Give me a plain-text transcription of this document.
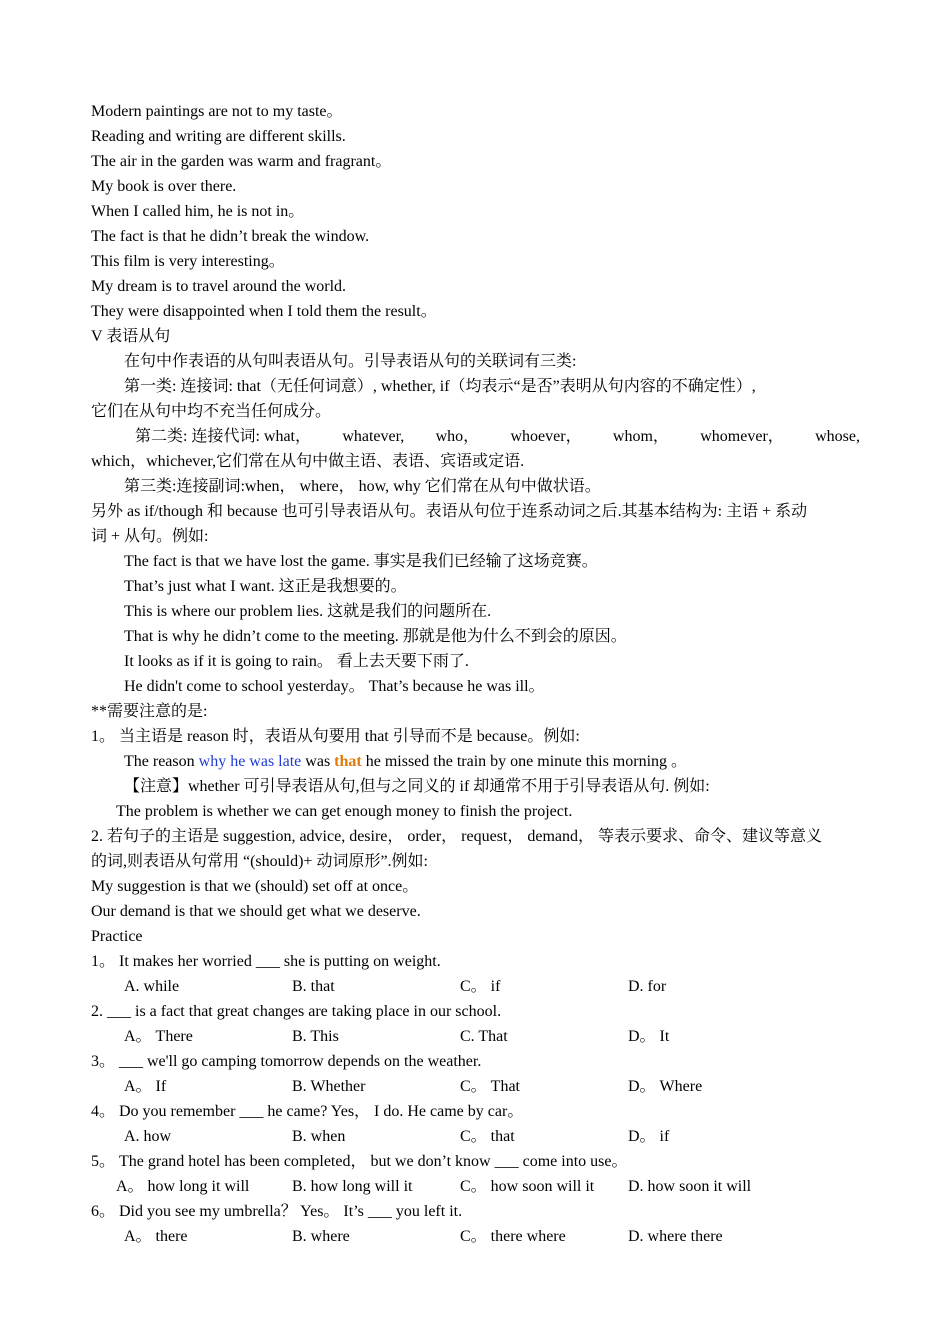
Modern paintings are not to my taste。
Reading and writing are different skills.
The air in the garden was warm and fragrant。
My book is over there.
When I called him, he is not in。
The fact is that he didn’t break the window.
This film is very interesting。
My dream is to travel around the world.
They were disappointed when I told them the result。
V 表语从句
在句中作表语的从句叫表语从句。引导表语从句的关联词有三类:
第一类: 连接词: that（无任何词意）, whether, if（均表示“是否”表明从句内容的不确定性）,
它们在从句中均不充当任何成分。
第二类: 连接代词: what， whatever, who， whoever， whom， whomever， whose,
which，whichever,它们常在从句中做主语、表语、宾语或定语.
第三类:连接副词:when， where， how, why 它们常在从句中做状语。
另外 as if/though 和 because 也可引导表语从句。表语从句位于连系动词之后.其基本结构为: 主语 + 系动
词 + 从句。例如:
The fact is that we have lost the game. 事实是我们已经输了这场竞赛。
That’s just what I want. 这正是我想要的。
This is where our problem lies. 这就是我们的问题所在.
That is why he didn’t come to the meeting. 那就是他为什么不到会的原因。
It looks as if it is going to rain。 看上去天要下雨了.
He didn't come to school yesterday。 That’s because he was ill。
**需要注意的是:
1。 当主语是 reason 时，表语从句要用 that 引导而不是 because。例如:
The reason why he was late was that he missed the train by one minute this morning 。
【注意】whether 可引导表语从句,但与之同义的 if 却通常不用于引导表语从句. 例如:
The problem is whether we can get enough money to finish the project.
2. 若句子的主语是 suggestion, advice, desire， order， request， demand， 等表示要求、命令、建议等意义
的词,则表语从句常用 “(should)+ 动词原形”.例如:
My suggestion is that we (should) set off at once。
Our demand is that we should get what we deserve.
Practice
1。 It makes her worried ___ she is putting on weight.
A. while	B. that	C。 if	D. for
2. ___ is a fact that great changes are taking place in our school.
A。 There	B. This	C. That	D。 It
3。 ___ we'll go camping tomorrow depends on the weather.
A。 If	B. Whether	C。 That	D。 Where
4。 Do you remember ___ he came? Yes， I do. He came by car。
A. how	B. when	C。 that	D。 if
5。 The grand hotel has been completed， but we don’t know ___ come into use。
A。 how long it will	B. how long will it	C。 how soon will it	D. how soon it will
6。 Did you see my umbrella？ Yes。 It’s ___ you left it.
A。 there	B. where	C。 there where	D. where there
